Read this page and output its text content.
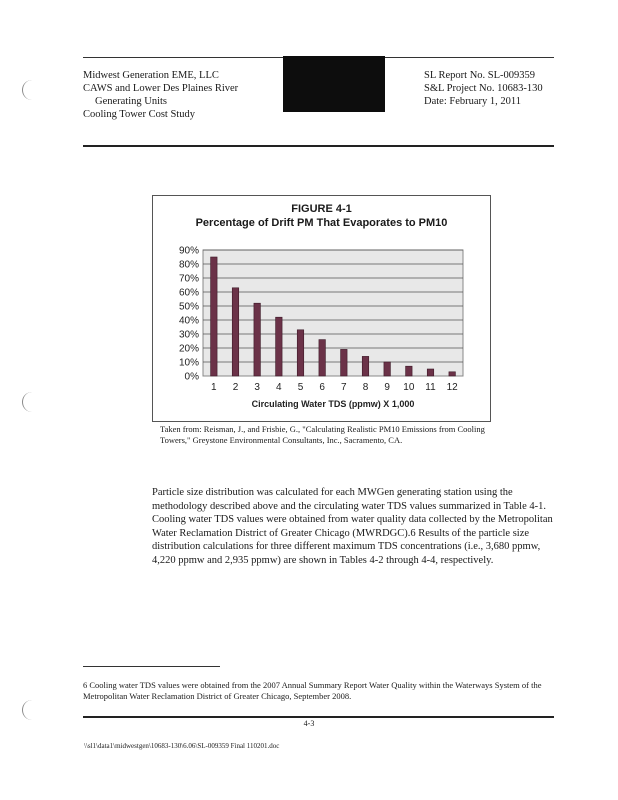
Midwest Generation EME, LLC
CAWS and Lower Des Plaines River
Generating Units
Cooling Tower Cost Study
SL Report No. SL-009359
S&L Project No. 10683-130
Date: February 1, 2011
FIGURE 4-1
Percentage of Drift PM That Evaporates to PM10
0%
10%
20%
30%
40%
50%
60%
70%
80%
90%
1 2 3 4 5 6 7 8 9 10 11 12
Circulating Water TDS (ppmw) X 1,000
Taken from: Reisman, J., and Frisbie, G., "Calculating Realistic PM10 Emissions from Cooling Towers," Greystone Environmental Consultants, Inc., Sacramento, CA.
Particle size distribution was calculated for each MWGen generating station using the methodology described above and the circulating water TDS values summarized in Table 4-1. Cooling water TDS values were obtained from water quality data collected by the Metropolitan Water Reclamation District of Greater Chicago (MWRDGC).6 Results of the particle size distribution calculations for three different maximum TDS concentrations (i.e., 3,680 ppmw, 4,220 ppmw and 2,935 ppmw) are shown in Tables 4-2 through 4-4, respectively.
6 Cooling water TDS values were obtained from the 2007 Annual Summary Report Water Quality within the Waterways System of the Metropolitan Water Reclamation District of Greater Chicago, September 2008.
4-3
\\sl1\data1\midwestgen\10683-130\6.06\SL-009359 Final 110201.doc
